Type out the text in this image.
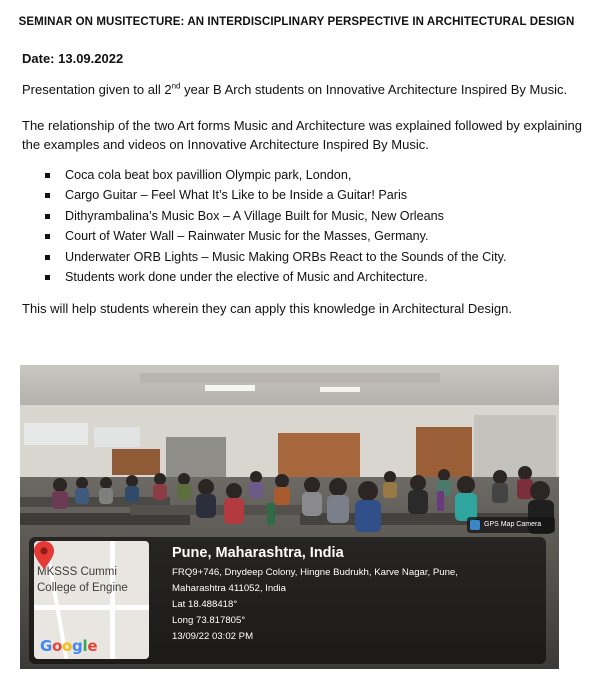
SEMINAR ON MUSITECTURE: AN INTERDISCIPLINARY PERSPECTIVE IN ARCHITECTURAL DESIGN
Date: 13.09.2022
Presentation given to all 2nd year B Arch students on Innovative Architecture Inspired By Music.
The relationship of the two Art forms Music and Architecture was explained followed by explaining the examples and videos on Innovative Architecture Inspired By Music.
Coca cola beat box pavillion Olympic park, London,
Cargo Guitar – Feel What It’s Like to be Inside a Guitar! Paris
Dithyrambalina’s Music Box – A Village Built for Music, New Orleans
Court of Water Wall – Rainwater Music for the Masses, Germany.
Underwater ORB Lights – Music Making ORBs React to the Sounds of the City.
Students work done under the elective of Music and Architecture.
This will help students wherein they can apply this knowledge in Architectural Design.
GPS Map Camera
MKSSS Cummi
College of Engine
Google
Pune, Maharashtra, India
FRQ9+746, Dnydeep Colony, Hingne Budrukh, Karve Nagar, Pune,
Maharashtra 411052, India
Lat 18.488418°
Long 73.817805°
13/09/22 03:02 PM
